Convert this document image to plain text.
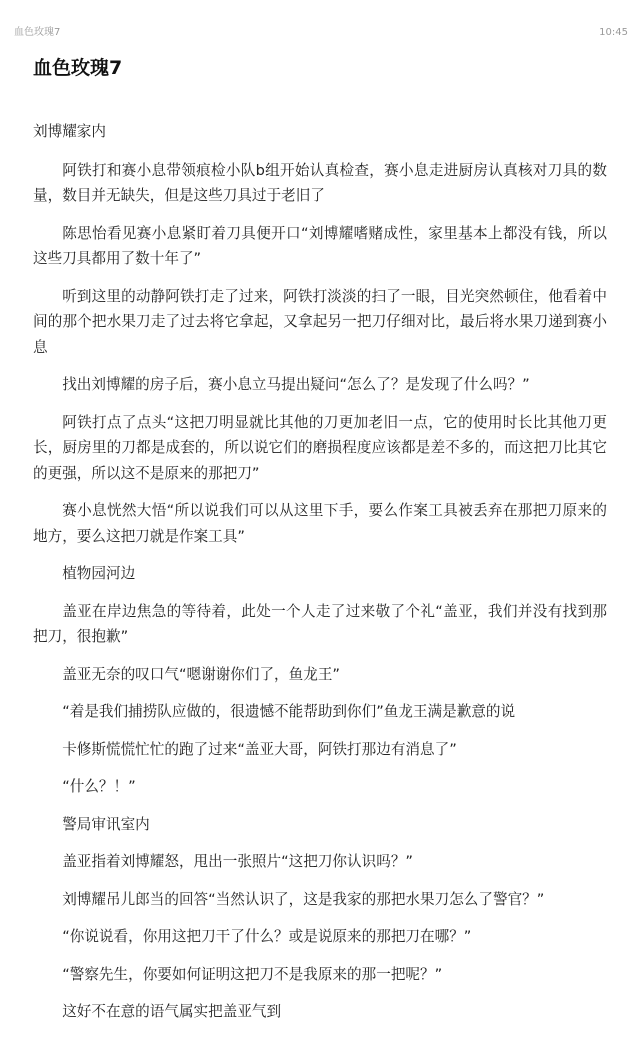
血色玫瑰7	10:45
血色玫瑰7

刘博耀家内

阿铁打和赛小息带领痕检小队b组开始认真检查，赛小息走进厨房认真核对刀具的数量，数目并无缺失，但是这些刀具过于老旧了

陈思怡看见赛小息紧盯着刀具便开口“刘博耀嗜赌成性，家里基本上都没有钱，所以这些刀具都用了数十年了”

听到这里的动静阿铁打走了过来，阿铁打淡淡的扫了一眼，目光突然顿住，他看着中间的那个把水果刀走了过去将它拿起，又拿起另一把刀仔细对比，最后将水果刀递到赛小息

找出刘博耀的房子后，赛小息立马提出疑问“怎么了？是发现了什么吗？”

阿铁打点了点头“这把刀明显就比其他的刀更加老旧一点，它的使用时长比其他刀更长，厨房里的刀都是成套的，所以说它们的磨损程度应该都是差不多的，而这把刀比其它的更强，所以这不是原来的那把刀”

赛小息恍然大悟“所以说我们可以从这里下手，要么作案工具被丢弃在那把刀原来的地方，要么这把刀就是作案工具”

植物园河边

盖亚在岸边焦急的等待着，此处一个人走了过来敬了个礼“盖亚，我们并没有找到那把刀，很抱歉”

盖亚无奈的叹口气“嗯谢谢你们了，鱼龙王”

“着是我们捕捞队应做的，很遗憾不能帮助到你们”鱼龙王满是歉意的说

卡修斯慌慌忙忙的跑了过来“盖亚大哥，阿铁打那边有消息了”

“什么？！”

警局审讯室内

盖亚指着刘博耀怒，甩出一张照片“这把刀你认识吗？”

刘博耀吊儿郎当的回答“当然认识了，这是我家的那把水果刀怎么了警官？”

“你说说看，你用这把刀干了什么？或是说原来的那把刀在哪？”

“警察先生，你要如何证明这把刀不是我原来的那一把呢？”

这好不在意的语气属实把盖亚气到
